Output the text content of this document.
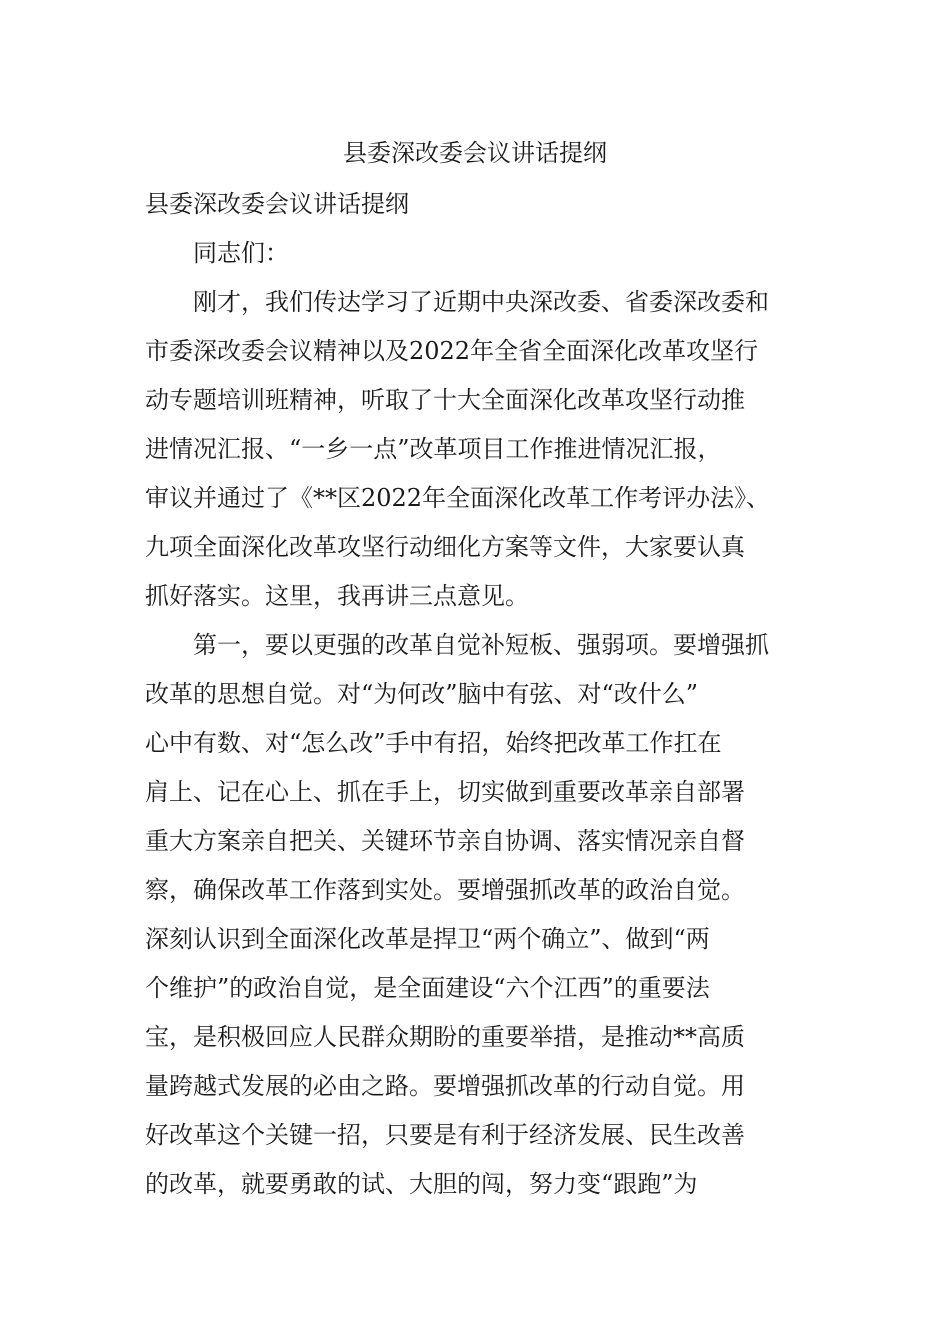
县委深改委会议讲话提纲

县委深改委会议讲话提纲

同志们：

刚才，我们传达学习了近期中央深改委、省委深改委和
市委深改委会议精神以及2022年全省全面深化改革攻坚行
动专题培训班精神，听取了十大全面深化改革攻坚行动推
进情况汇报、“一乡一点”改革项目工作推进情况汇报，
审议并通过了《**区2022年全面深化改革工作考评办法》、
九项全面深化改革攻坚行动细化方案等文件，大家要认真
抓好落实。这里，我再讲三点意见。

第一，要以更强的改革自觉补短板、强弱项。要增强抓
改革的思想自觉。对“为何改”脑中有弦、对“改什么”
心中有数、对“怎么改”手中有招，始终把改革工作扛在
肩上、记在心上、抓在手上，切实做到重要改革亲自部署
重大方案亲自把关、关键环节亲自协调、落实情况亲自督
察，确保改革工作落到实处。要增强抓改革的政治自觉。
深刻认识到全面深化改革是捍卫“两个确立”、做到“两
个维护”的政治自觉，是全面建设“六个江西”的重要法
宝，是积极回应人民群众期盼的重要举措，是推动**高质
量跨越式发展的必由之路。要增强抓改革的行动自觉。用
好改革这个关键一招，只要是有利于经济发展、民生改善
的改革，就要勇敢的试、大胆的闯，努力变“跟跑”为
